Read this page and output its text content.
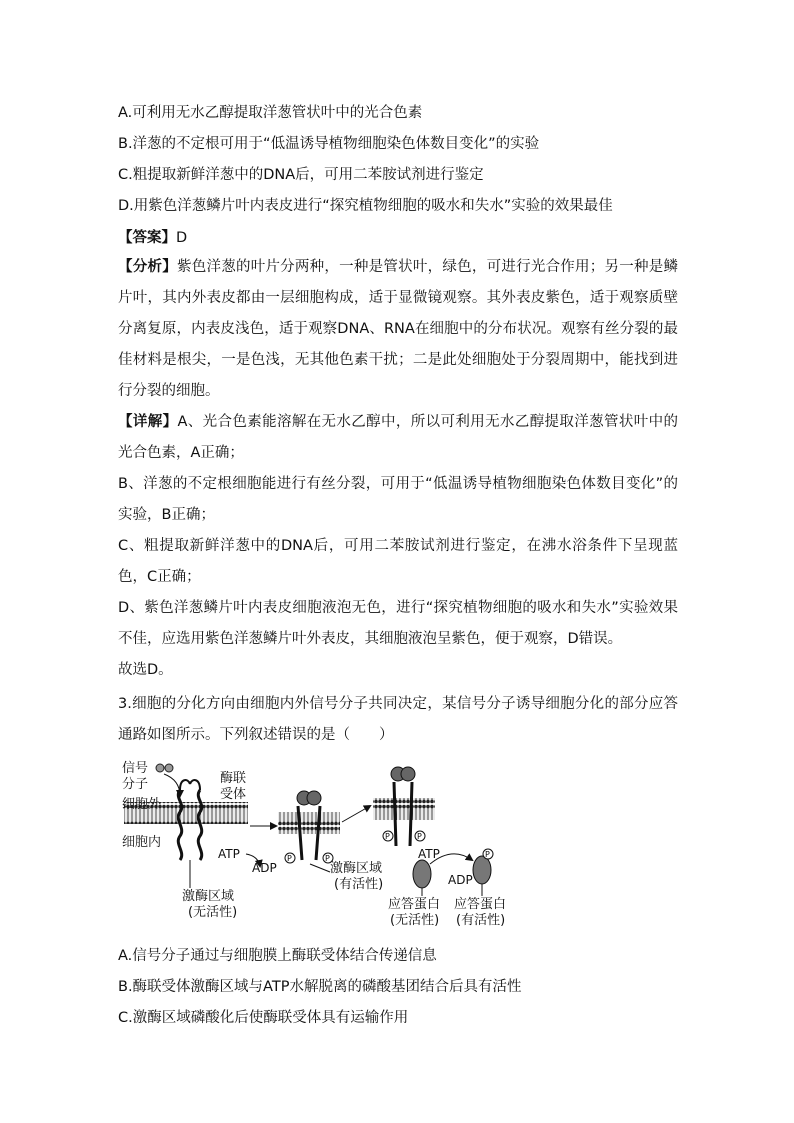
A.可利用无水乙醇提取洋葱管状叶中的光合色素
B.洋葱的不定根可用于“低温诱导植物细胞染色体数目变化”的实验
C.粗提取新鲜洋葱中的DNA后，可用二苯胺试剂进行鉴定
D.用紫色洋葱鳞片叶内表皮进行“探究植物细胞的吸水和失水”实验的效果最佳
【答案】D
【分析】紫色洋葱的叶片分两种，一种是管状叶，绿色，可进行光合作用；另一种是鳞片叶，其内外表皮都由一层细胞构成，适于显微镜观察。其外表皮紫色，适于观察质壁分离复原，内表皮浅色，适于观察DNA、RNA在细胞中的分布状况。观察有丝分裂的最佳材料是根尖，一是色浅，无其他色素干扰；二是此处细胞处于分裂周期中，能找到进行分裂的细胞。
【详解】A、光合色素能溶解在无水乙醇中，所以可利用无水乙醇提取洋葱管状叶中的光合色素，A正确；
B、洋葱的不定根细胞能进行有丝分裂，可用于“低温诱导植物细胞染色体数目变化”的实验，B正确；
C、粗提取新鲜洋葱中的DNA后，可用二苯胺试剂进行鉴定，在沸水浴条件下呈现蓝色，C正确；
D、紫色洋葱鳞片叶内表皮细胞液泡无色，进行“探究植物细胞的吸水和失水”实验效果不佳，应选用紫色洋葱鳞片叶外表皮，其细胞液泡呈紫色，便于观察，D错误。
故选D。
3.细胞的分化方向由细胞内外信号分子共同决定，某信号分子诱导细胞分化的部分应答通路如图所示。下列叙述错误的是（　　）
信号
分子
细胞外
细胞内
酶联
受体
激酶区域
(无活性)
ATP
ADP
P	P
激酶区域
(有活性)
P	P
P
ATP
ADP
应答蛋白
(无活性)
应答蛋白
(有活性)
A.信号分子通过与细胞膜上酶联受体结合传递信息
B.酶联受体激酶区域与ATP水解脱离的磷酸基团结合后具有活性
C.激酶区域磷酸化后使酶联受体具有运输作用
